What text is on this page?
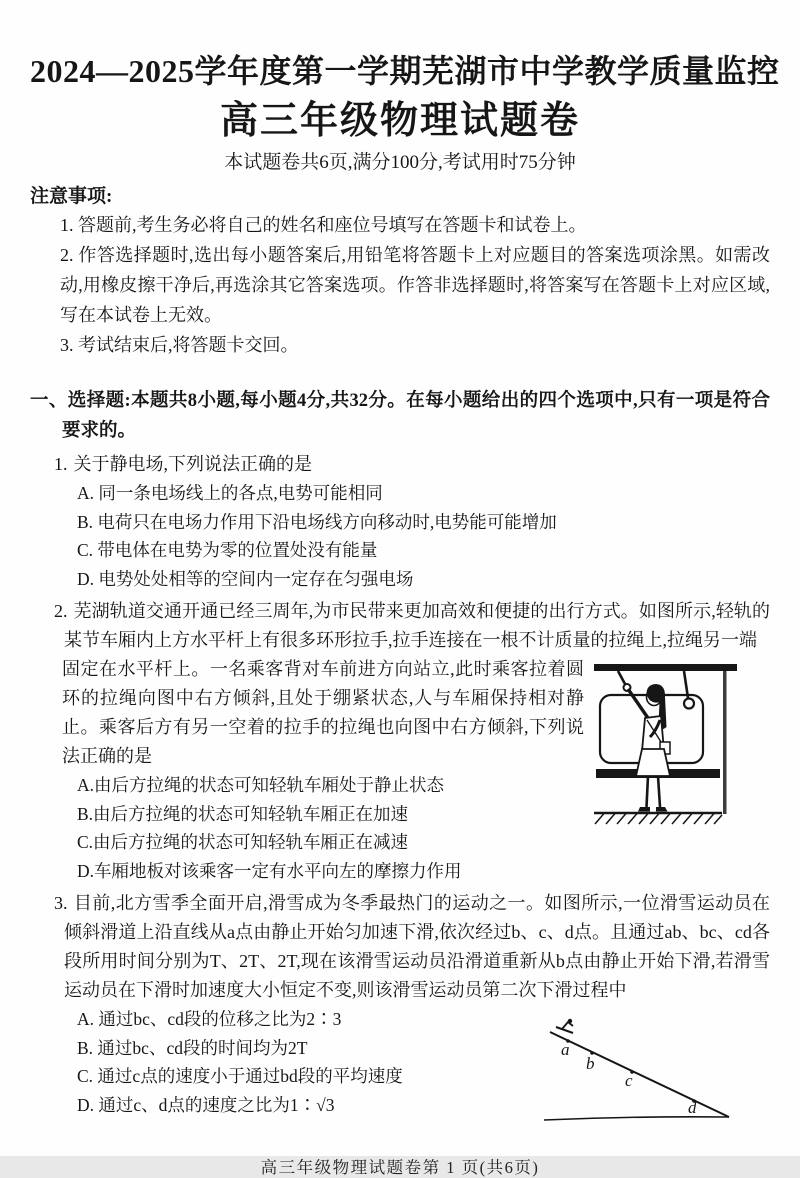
2024—2025学年度第一学期芜湖市中学教学质量监控
高三年级物理试题卷
本试题卷共6页,满分100分,考试用时75分钟
注意事项:
1. 答题前,考生务必将自己的姓名和座位号填写在答题卡和试卷上。
2. 作答选择题时,选出每小题答案后,用铅笔将答题卡上对应题目的答案选项涂黑。如需改动,用橡皮擦干净后,再选涂其它答案选项。作答非选择题时,将答案写在答题卡上对应区域,写在本试卷上无效。
3. 考试结束后,将答题卡交回。
一、选择题:本题共8小题,每小题4分,共32分。在每小题给出的四个选项中,只有一项是符合要求的。

1. 关于静电场,下列说法正确的是

A. 同一条电场线上的各点,电势可能相同
B. 电荷只在电场力作用下沿电场线方向移动时,电势能可能增加
C. 带电体在电势为零的位置处没有能量
D. 电势处处相等的空间内一定存在匀强电场

2. 芜湖轨道交通开通已经三周年,为市民带来更加高效和便捷的出行方式。如图所示,轻轨的某节车厢内上方水平杆上有很多环形拉手,拉手连接在一根不计质量的拉绳上,拉绳另一端

固定在水平杆上。一名乘客背对车前进方向站立,此时乘客拉着圆环的拉绳向图中右方倾斜,且处于绷紧状态,人与车厢保持相对静止。乘客后方有另一空着的拉手的拉绳也向图中右方倾斜,下列说法正确的是

A.由后方拉绳的状态可知轻轨车厢处于静止状态
B.由后方拉绳的状态可知轻轨车厢正在加速
C.由后方拉绳的状态可知轻轨车厢正在减速
D.车厢地板对该乘客一定有水平向左的摩擦力作用

3. 目前,北方雪季全面开启,滑雪成为冬季最热门的运动之一。如图所示,一位滑雪运动员在倾斜滑道上沿直线从a点由静止开始匀加速下滑,依次经过b、c、d点。且通过ab、bc、cd各段所用时间分别为T、2T、2T,现在该滑雪运动员沿滑道重新从b点由静止开始下滑,若滑雪运动员在下滑时加速度大小恒定不变,则该滑雪运动员第二次下滑过程中

A. 通过bc、cd段的位移之比为2∶3
B. 通过bc、cd段的时间均为2T
C. 通过c点的速度小于通过bd段的平均速度
D. 通过c、d点的速度之比为1∶√3
a
b
c
d
高三年级物理试题卷第 1 页(共6页)
